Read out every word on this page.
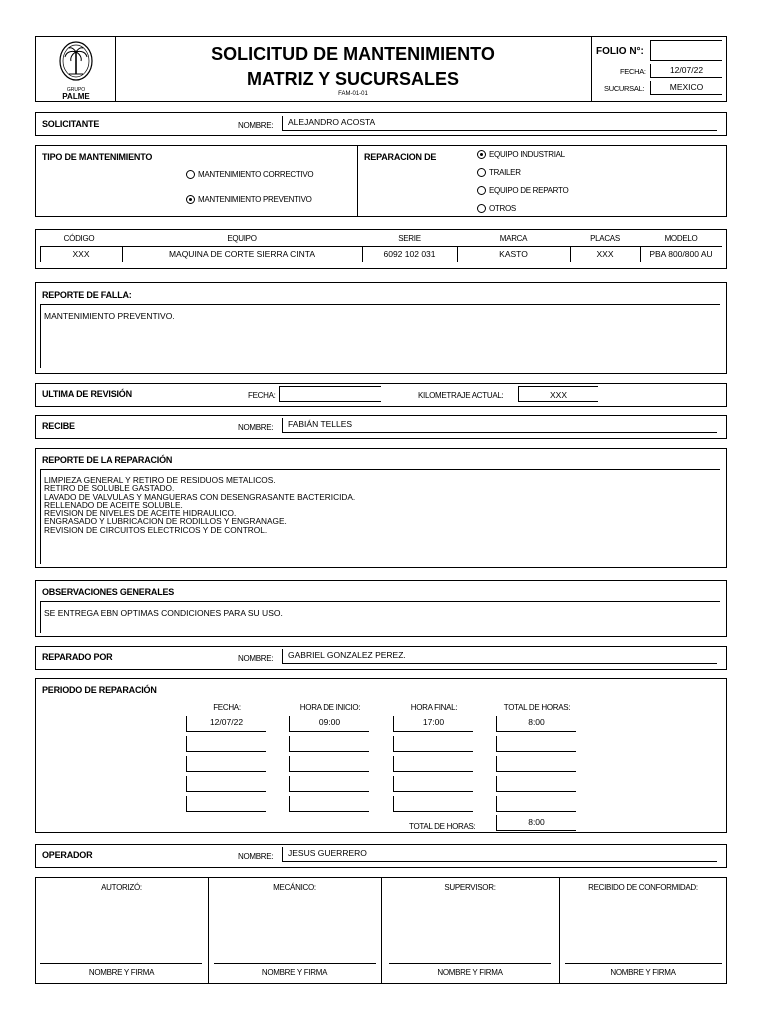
GRUPO
PALME
SOLICITUD DE MANTENIMIENTO
MATRIZ Y SUCURSALES
FAM-01-01
FOLIO N°:
FECHA:	12/07/22
SUCURSAL:	MEXICO
SOLICITANTE	NOMBRE:	ALEJANDRO ACOSTA
TIPO DE MANTENIMIENTO
MANTENIMIENTO CORRECTIVO
MANTENIMIENTO PREVENTIVO
REPARACION DE	EQUIPO INDUSTRIAL
TRAILER
EQUIPO DE REPARTO
OTROS
CÓDIGO	EQUIPO	SERIE	MARCA	PLACAS	MODELO
XXX	MAQUINA DE CORTE SIERRA CINTA	6092 102 031	KASTO	XXX	PBA 800/800 AU
REPORTE DE FALLA:
MANTENIMIENTO PREVENTIVO.
ULTIMA DE REVISIÓN	FECHA:	KILOMETRAJE ACTUAL:	XXX
RECIBE	NOMBRE:	FABIÁN TELLES
REPORTE DE LA REPARACIÓN
LIMPIEZA GENERAL Y RETIRO DE RESIDUOS METALICOS.
RETIRO DE SOLUBLE GASTADO.
LAVADO DE VALVULAS Y MANGUERAS CON DESENGRASANTE BACTERICIDA.
RELLENADO DE ACEITE SOLUBLE.
REVISION DE NIVELES DE ACEITE HIDRAULICO.
ENGRASADO Y LUBRICACION DE RODILLOS Y ENGRANAGE.
REVISION DE CIRCUITOS ELECTRICOS Y DE CONTROL.
OBSERVACIONES GENERALES
SE ENTREGA EBN OPTIMAS CONDICIONES PARA SU USO.
REPARADO POR	NOMBRE:	GABRIEL GONZALEZ PEREZ.
PERIODO DE REPARACIÓN
FECHA:	HORA DE INICIO:	HORA FINAL:	TOTAL DE HORAS:
12/07/22	09:00	17:00	8:00
TOTAL DE HORAS:	8:00
OPERADOR	NOMBRE:	JESUS GUERRERO
AUTORIZÓ:	MECÁNICO:	SUPERVISOR:	RECIBIDO DE CONFORMIDAD:
NOMBRE Y FIRMA	NOMBRE Y FIRMA	NOMBRE Y FIRMA	NOMBRE Y FIRMA
